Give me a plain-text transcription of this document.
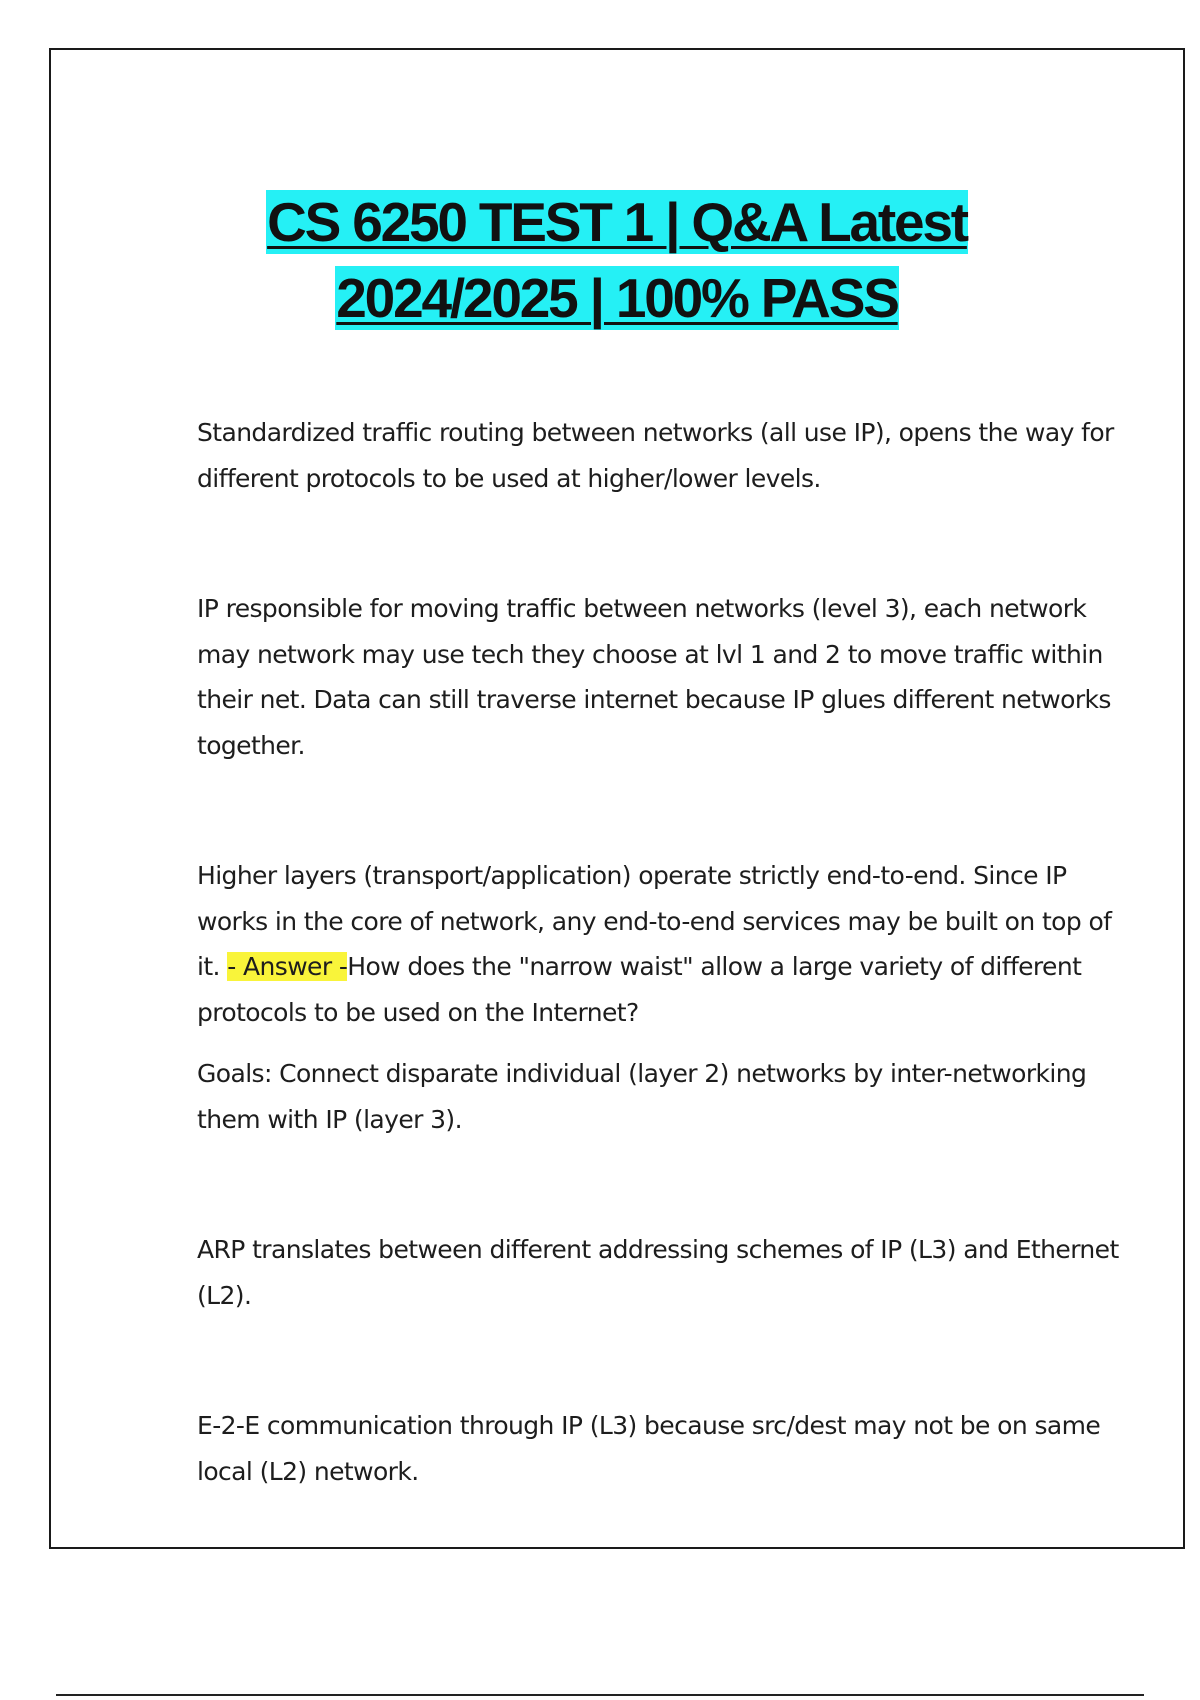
CS 6250 TEST 1 | Q&A Latest
2024/2025 | 100% PASS

Standardized traffic routing between networks (all use IP), opens the way for different protocols to be used at higher/lower levels.

IP responsible for moving traffic between networks (level 3), each network may network may use tech they choose at lvl 1 and 2 to move traffic within their net. Data can still traverse internet because IP glues different networks together.

Higher layers (transport/application) operate strictly end-to-end. Since IP works in the core of network, any end-to-end services may be built on top of it. - Answer -How does the "narrow waist" allow a large variety of different protocols to be used on the Internet?

Goals: Connect disparate individual (layer 2) networks by inter-networking them with IP (layer 3).

ARP translates between different addressing schemes of IP (L3) and Ethernet (L2).

E-2-E communication through IP (L3) because src/dest may not be on same local (L2) network.
